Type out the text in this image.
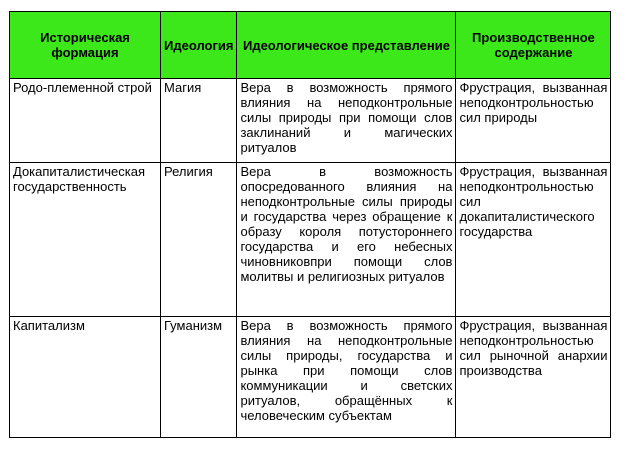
Историческая формация	Идеология	Идеологическое представление	Производственное содержание
Родо-племенной строй	Магия	Вера в возможность прямого влияния на неподконтрольные силы природы при помощи слов заклинаний и магических ритуалов	Фрустрация, вызванная неподконтрольностью сил природы
Докапиталистическая государственность	Религия	Вера в возможность опосредованного влияния на неподконтрольные силы природы и государства через обращение к образу короля потустороннего государства и его небесных чиновниковпри помощи слов молитвы и религиозных ритуалов	Фрустрация, вызванная неподконтрольностью сил докапиталистического государства
Капитализм	Гуманизм	Вера в возможность прямого влияния на неподконтрольные силы природы, государства и рынка при помощи слов коммуникации и светских ритуалов, обращённых к человеческим субъектам	Фрустрация, вызванная неподконтрольностью сил рыночной анархии производства
